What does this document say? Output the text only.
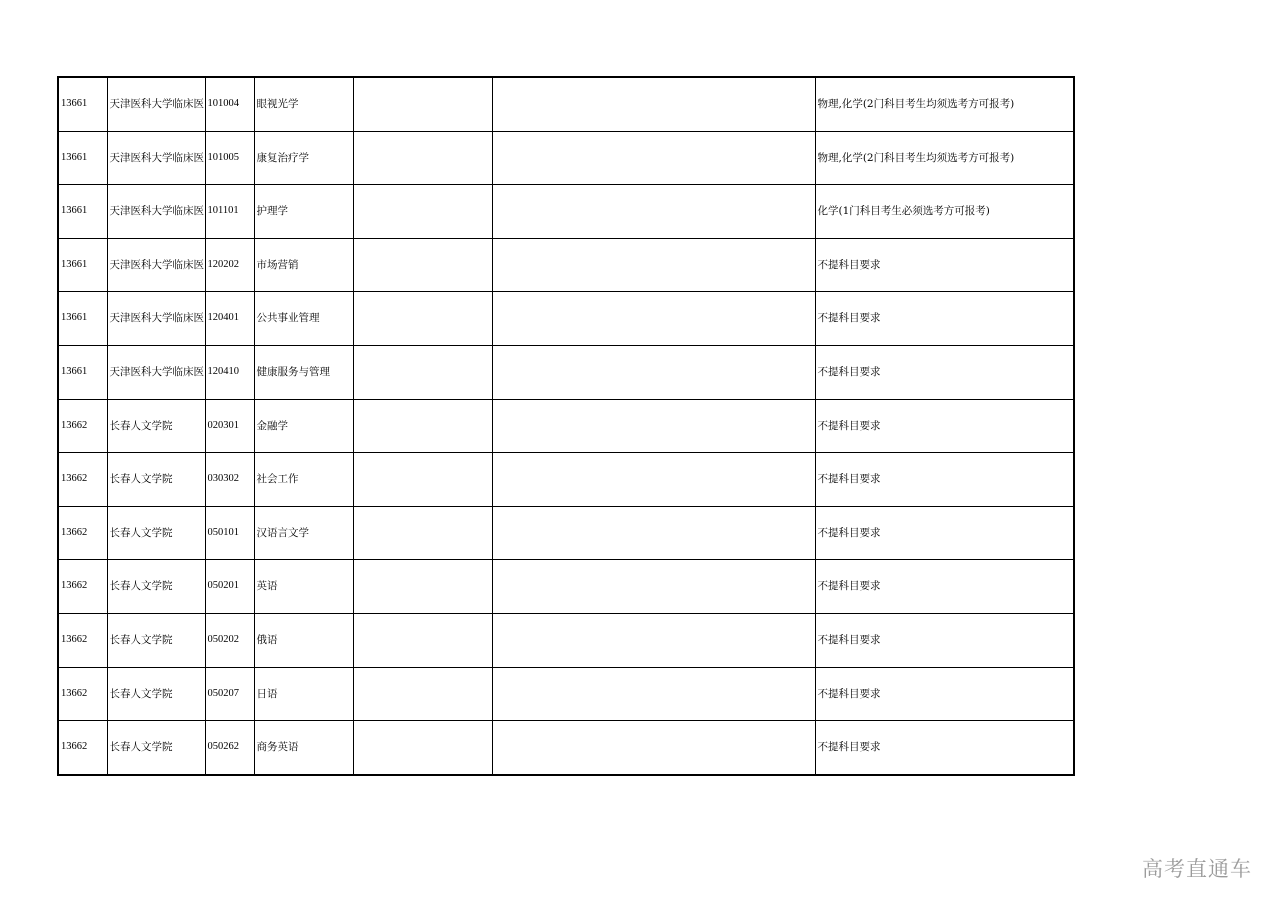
13661	天津医科大学临床医	101004	眼视光学			物理,化学(2门科目考生均须选考方可报考)
13661	天津医科大学临床医	101005	康复治疗学			物理,化学(2门科目考生均须选考方可报考)
13661	天津医科大学临床医	101101	护理学			化学(1门科目考生必须选考方可报考)
13661	天津医科大学临床医	120202	市场营销			不提科目要求
13661	天津医科大学临床医	120401	公共事业管理			不提科目要求
13661	天津医科大学临床医	120410	健康服务与管理			不提科目要求
13662	长春人文学院	020301	金融学			不提科目要求
13662	长春人文学院	030302	社会工作			不提科目要求
13662	长春人文学院	050101	汉语言文学			不提科目要求
13662	长春人文学院	050201	英语			不提科目要求
13662	长春人文学院	050202	俄语			不提科目要求
13662	长春人文学院	050207	日语			不提科目要求
13662	长春人文学院	050262	商务英语			不提科目要求
高考直通车
